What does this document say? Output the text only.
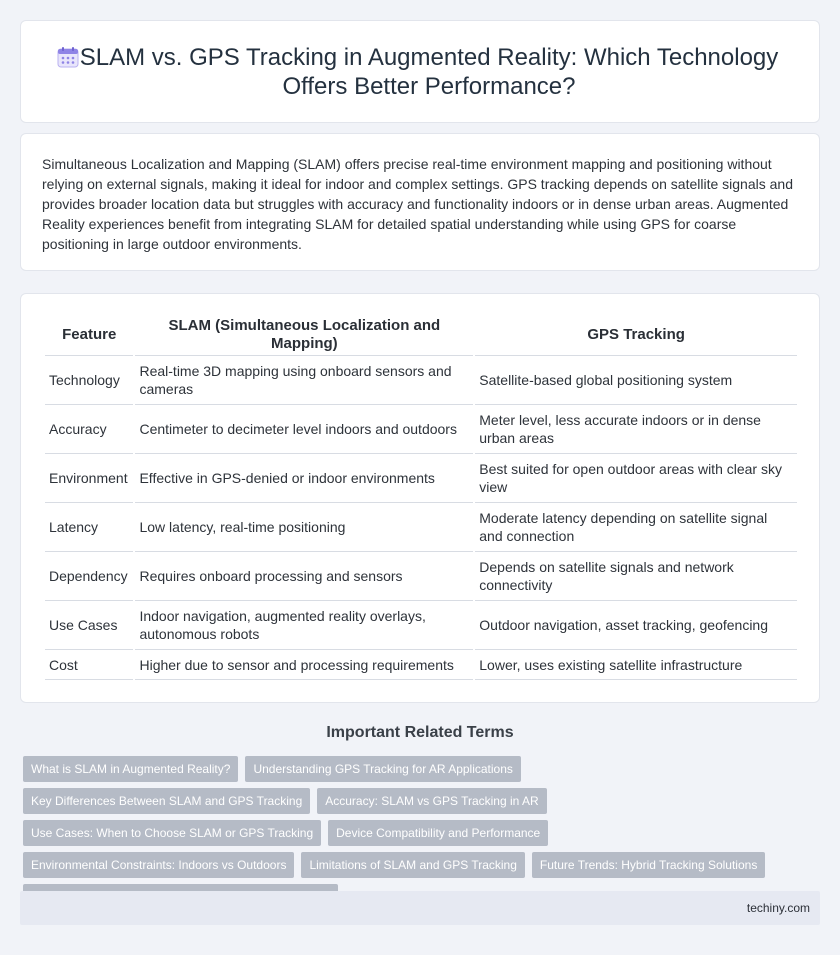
SLAM vs. GPS Tracking in Augmented Reality: Which Technology Offers Better Performance?

Simultaneous Localization and Mapping (SLAM) offers precise real-time environment mapping and positioning without relying on external signals, making it ideal for indoor and complex settings. GPS tracking depends on satellite signals and provides broader location data but struggles with accuracy and functionality indoors or in dense urban areas. Augmented Reality experiences benefit from integrating SLAM for detailed spatial understanding while using GPS for coarse positioning in large outdoor environments.

Feature	SLAM (Simultaneous Localization and Mapping)	GPS Tracking
Technology	Real-time 3D mapping using onboard sensors and cameras	Satellite-based global positioning system
Accuracy	Centimeter to decimeter level indoors and outdoors	Meter level, less accurate indoors or in dense urban areas
Environment	Effective in GPS-denied or indoor environments	Best suited for open outdoor areas with clear sky view
Latency	Low latency, real-time positioning	Moderate latency depending on satellite signal and connection
Dependency	Requires onboard processing and sensors	Depends on satellite signals and network connectivity
Use Cases	Indoor navigation, augmented reality overlays, autonomous robots	Outdoor navigation, asset tracking, geofencing
Cost	Higher due to sensor and processing requirements	Lower, uses existing satellite infrastructure
Important Related Terms
What is SLAM in Augmented Reality?	Understanding GPS Tracking for AR Applications
Key Differences Between SLAM and GPS Tracking	Accuracy: SLAM vs GPS Tracking in AR
Use Cases: When to Choose SLAM or GPS Tracking	Device Compatibility and Performance
Environmental Constraints: Indoors vs Outdoors	Limitations of SLAM and GPS Tracking	Future Trends: Hybrid Tracking Solutions
techiny.com
